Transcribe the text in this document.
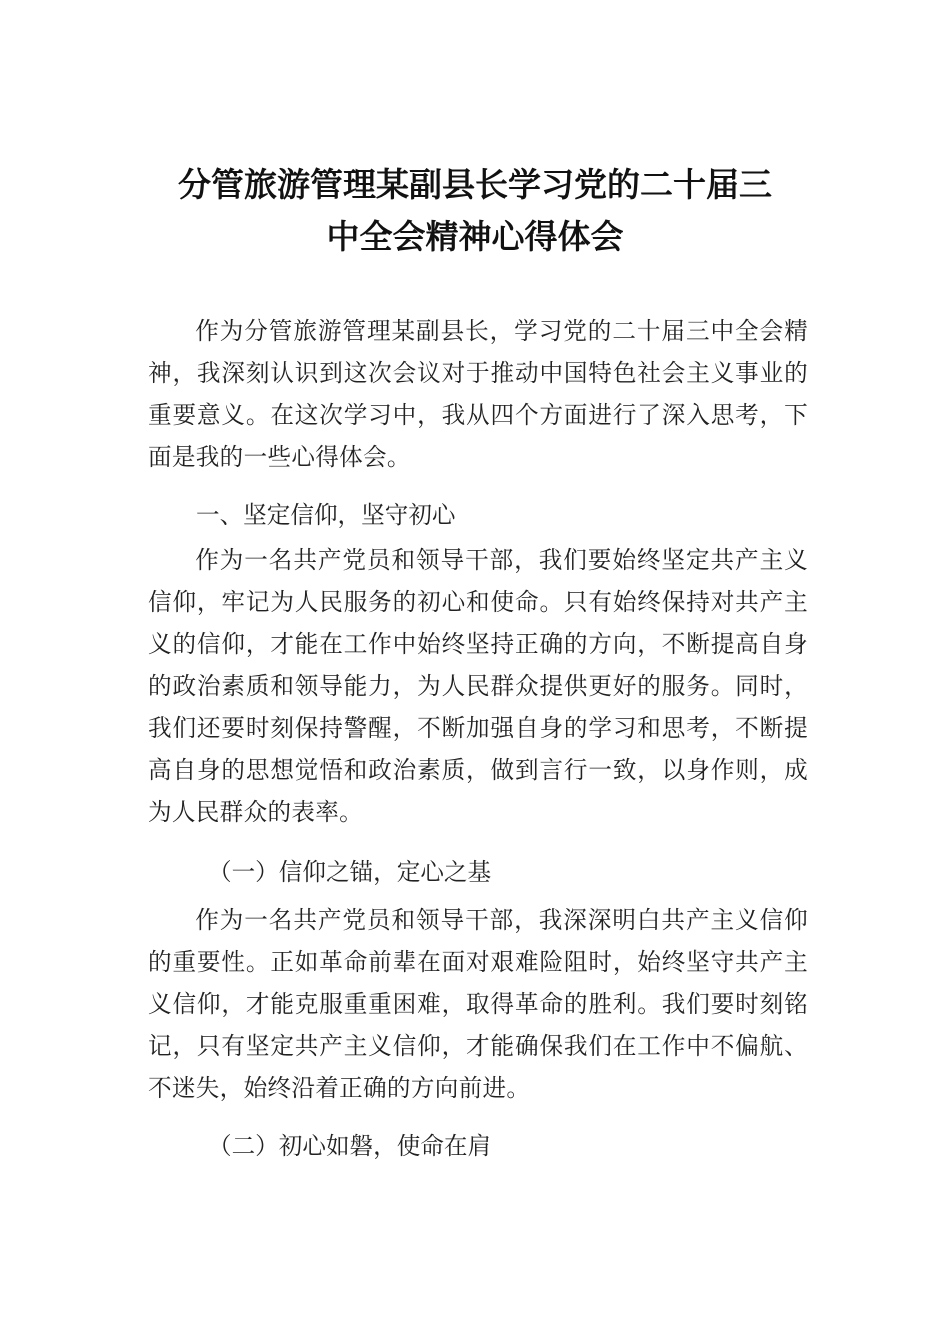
分管旅游管理某副县长学习党的二十届三
中全会精神心得体会

作为分管旅游管理某副县长，学习党的二十届三中全会精神，我深刻认识到这次会议对于推动中国特色社会主义事业的重要意义。在这次学习中，我从四个方面进行了深入思考，下面是我的一些心得体会。

一、坚定信仰，坚守初心

作为一名共产党员和领导干部，我们要始终坚定共产主义信仰，牢记为人民服务的初心和使命。只有始终保持对共产主义的信仰，才能在工作中始终坚持正确的方向，不断提高自身的政治素质和领导能力，为人民群众提供更好的服务。同时，我们还要时刻保持警醒，不断加强自身的学习和思考，不断提高自身的思想觉悟和政治素质，做到言行一致，以身作则，成为人民群众的表率。

（一）信仰之锚，定心之基

作为一名共产党员和领导干部，我深深明白共产主义信仰的重要性。正如革命前辈在面对艰难险阻时，始终坚守共产主义信仰，才能克服重重困难，取得革命的胜利。我们要时刻铭记，只有坚定共产主义信仰，才能确保我们在工作中不偏航、不迷失，始终沿着正确的方向前进。

（二）初心如磐，使命在肩
